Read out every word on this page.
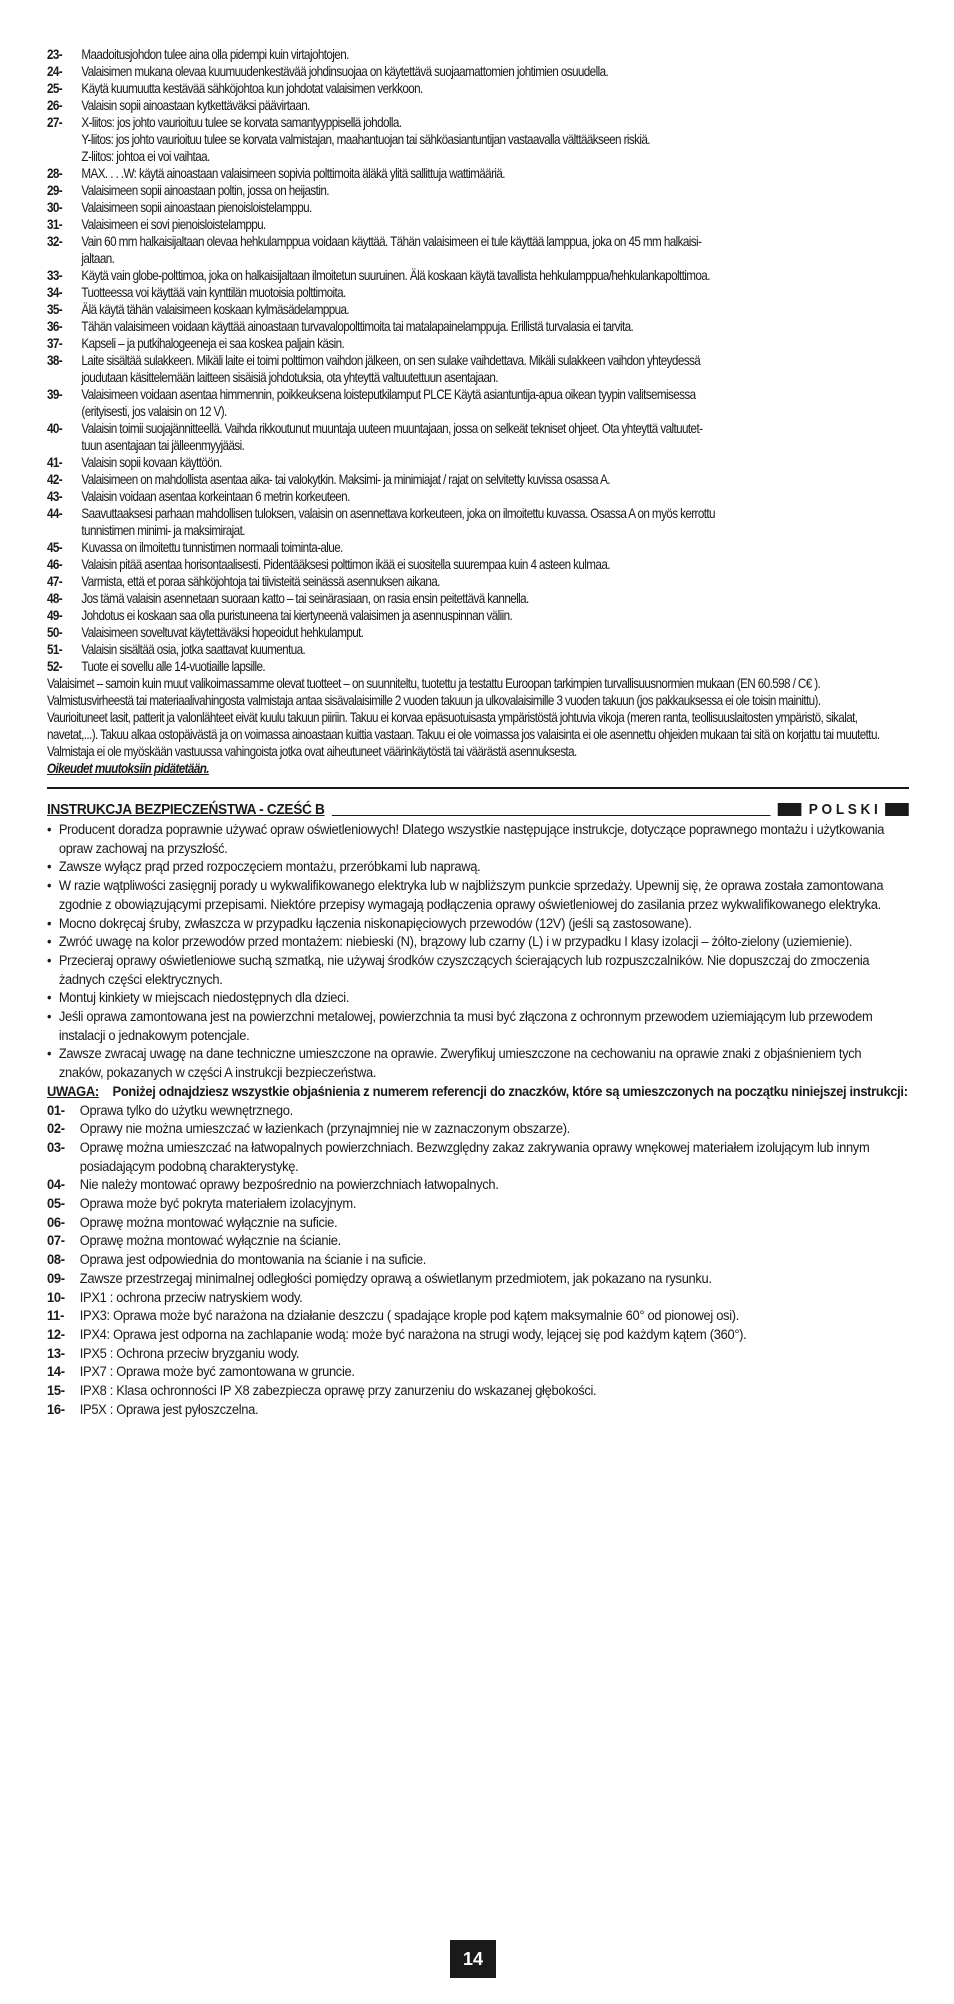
23-	Maadoitusjohdon tulee aina olla pidempi kuin virtajohtojen.
24-	Valaisimen mukana olevaa kuumuudenkestävää johdinsuojaa on käytettävä suojaamattomien johtimien osuudella.
25-	Käytä kuumuutta kestävää sähköjohtoa kun johdotat valaisimen verkkoon.
26-	Valaisin sopii ainoastaan kytkettäväksi päävirtaan.
27-	X-liitos: jos johto vaurioituu tulee se korvata samantyyppisellä johdolla.
Y-liitos: jos johto vaurioituu tulee se korvata valmistajan, maahantuojan tai sähköasiantuntijan vastaavalla välttääkseen riskiä.
Z-liitos: johtoa ei voi vaihtaa.
28-	MAX. . . .W: käytä ainoastaan valaisimeen sopivia polttimoita äläkä ylitä sallittuja wattimääriä.
29-	Valaisimeen sopii ainoastaan poltin, jossa on heijastin.
30-	Valaisimeen sopii ainoastaan pienoisloistelamppu.
31-	Valaisimeen ei sovi pienoisloistelamppu.
32-	Vain 60 mm halkaisijaltaan olevaa hehkulamppua voidaan käyttää. Tähän valaisimeen ei tule käyttää lamppua, joka on 45 mm halkaisi-
jaltaan.
33-	Käytä vain globe-polttimoa, joka on halkaisijaltaan ilmoitetun suuruinen. Älä koskaan käytä tavallista hehkulamppua/hehkulankapolttimoa.
34-	Tuotteessa voi käyttää vain kynttilän muotoisia polttimoita.
35-	Älä käytä tähän valaisimeen koskaan kylmäsädelamppua.
36-	Tähän valaisimeen voidaan käyttää ainoastaan turvavalopolttimoita tai matalapainelamppuja. Erillistä turvalasia ei tarvita.
37-	Kapseli – ja putkihalogeeneja ei saa koskea paljain käsin.
38-	Laite sisältää sulakkeen. Mikäli laite ei toimi polttimon vaihdon jälkeen, on sen sulake vaihdettava. Mikäli sulakkeen vaihdon yhteydessä
joudutaan käsittelemään laitteen sisäisiä johdotuksia, ota yhteyttä valtuutettuun asentajaan.
39-	Valaisimeen voidaan asentaa himmennin, poikkeuksena loisteputkilamput PLCE Käytä asiantuntija-apua oikean tyypin valitsemisessa
(erityisesti, jos valaisin on 12 V).
40-	Valaisin toimii suojajännitteellä. Vaihda rikkoutunut muuntaja uuteen muuntajaan, jossa on selkeät tekniset ohjeet. Ota yhteyttä valtuutet-
tuun asentajaan tai jälleenmyyjääsi.
41-	Valaisin sopii kovaan käyttöön.
42-	Valaisimeen on mahdollista asentaa aika- tai valokytkin. Maksimi- ja minimiajat / rajat on selvitetty kuvissa osassa A.
43-	Valaisin voidaan asentaa korkeintaan 6 metrin korkeuteen.
44-	Saavuttaaksesi parhaan mahdollisen tuloksen, valaisin on asennettava korkeuteen, joka on ilmoitettu kuvassa. Osassa A on myös kerrottu
tunnistimen minimi- ja maksimirajat.
45-	Kuvassa on ilmoitettu tunnistimen normaali toiminta-alue.
46-	Valaisin pitää asentaa horisontaalisesti. Pidentääksesi polttimon ikää ei suositella suurempaa kuin 4 asteen kulmaa.
47-	Varmista, että et poraa sähköjohtoja tai tiivisteitä seinässä asennuksen aikana.
48-	Jos tämä valaisin asennetaan suoraan katto – tai seinärasiaan, on rasia ensin peitettävä kannella.
49-	Johdotus ei koskaan saa olla puristuneena tai kiertyneenä valaisimen ja asennuspinnan väliin.
50-	Valaisimeen soveltuvat käytettäväksi hopeoidut hehkulamput.
51-	Valaisin sisältää osia, jotka saattavat kuumentua.
52-	Tuote ei sovellu alle 14-vuotiaille lapsille.

Valaisimet – samoin kuin muut valikoimassamme olevat tuotteet – on suunniteltu, tuotettu ja testattu Euroopan tarkimpien turvallisuusnormien mukaan (EN 60.598 / C€ ). Valmistusvirheestä tai materiaalivahingosta valmistaja antaa sisävalaisimille 2 vuoden takuun ja ulkovalaisimille 3 vuoden takuun (jos pakkauksessa ei ole toisin mainittu).

Vaurioituneet lasit, patterit ja valonlähteet eivät kuulu takuun piiriin. Takuu ei korvaa epäsuotuisasta ympäristöstä johtuvia vikoja (meren ranta, teollisuuslaitosten ympäristö, sikalat, navetat,...). Takuu alkaa ostopäivästä ja on voimassa ainoastaan kuittia vastaan. Takuu ei ole voimassa jos valaisinta ei ole asennettu ohjeiden mukaan tai sitä on korjattu tai muutettu. Valmistaja ei ole myöskään vastuussa vahingoista jotka ovat aiheutuneet väärinkäytöstä tai väärästä asennuksesta.

Oikeudet muutoksiin pidätetään.

INSTRUKCJA BEZPIECZEŃSTWA - CZEŚĆ B	POLSKI
• Producent doradza poprawnie używać opraw oświetleniowych! Dlatego wszystkie następujące instrukcje, dotyczące poprawnego montażu i użytkowania opraw zachowaj na przyszłość.
• Zawsze wyłącz prąd przed rozpoczęciem montażu, przeróbkami lub naprawą.
• W razie wątpliwości zasięgnij porady u wykwalifikowanego elektryka lub w najbliższym punkcie sprzedaży. Upewnij się, że oprawa została zamontowana zgodnie z obowiązującymi przepisami. Niektóre przepisy wymagają podłączenia oprawy oświetleniowej do zasilania przez wykwalifikowanego elektryka.
• Mocno dokręcaj śruby, zwłaszcza w przypadku łączenia niskonapięciowych przewodów (12V) (jeśli są zastosowane).
• Zwróć uwagę na kolor przewodów przed montażem: niebieski (N), brązowy lub czarny (L) i w przypadku I klasy izolacji – żółto-zielony (uziemienie).
• Przecieraj oprawy oświetleniowe suchą szmatką, nie używaj środków czyszczących ścierających lub rozpuszczalników. Nie dopuszczaj do zmoczenia żadnych części elektrycznych.
• Montuj kinkiety w miejscach niedostępnych dla dzieci.
• Jeśli oprawa zamontowana jest na powierzchni metalowej, powierzchnia ta musi być złączona z ochronnym przewodem uziemiającym lub przewodem instalacji o jednakowym potencjale.
• Zawsze zwracaj uwagę na dane techniczne umieszczone na oprawie. Zweryfikuj umieszczone na cechowaniu na oprawie znaki z objaśnieniem tych znaków, pokazanych w części A instrukcji bezpieczeństwa.
UWAGA: Poniżej odnajdziesz wszystkie objaśnienia z numerem referencji do znaczków, które są umieszczonych na początku niniejszej instrukcji:
01-	Oprawa tylko do użytku wewnętrznego.
02-	Oprawy nie można umieszczać w łazienkach (przynajmniej nie w zaznaczonym obszarze).
03-	Oprawę można umieszczać na łatwopalnych powierzchniach. Bezwzględny zakaz zakrywania oprawy wnękowej materiałem izolującym lub innym posiadającym podobną charakterystykę.
04-	Nie należy montować oprawy bezpośrednio na powierzchniach łatwopalnych.
05-	Oprawa może być pokryta materiałem izolacyjnym.
06-	Oprawę można montować wyłącznie na suficie.
07-	Oprawę można montować wyłącznie na ścianie.
08-	Oprawa jest odpowiednia do montowania na ścianie i na suficie.
09-	Zawsze przestrzegaj minimalnej odległości pomiędzy oprawą a oświetlanym przedmiotem, jak pokazano na rysunku.
10-	IPX1 : ochrona przeciw natryskiem wody.
11-	IPX3: Oprawa może być narażona na działanie deszczu ( spadające krople pod kątem maksymalnie 60° od pionowej osi).
12-	IPX4: Oprawa jest odporna na zachlapanie wodą: może być narażona na strugi wody, lejącej się pod każdym kątem (360°).
13-	IPX5 : Ochrona przeciw bryzganiu wody.
14-	IPX7 : Oprawa może być zamontowana w gruncie.
15-	IPX8 : Klasa ochronności IP X8 zabezpiecza oprawę przy zanurzeniu do wskazanej głębokości.
16-	IP5X : Oprawa jest pyłoszczelna.
14
